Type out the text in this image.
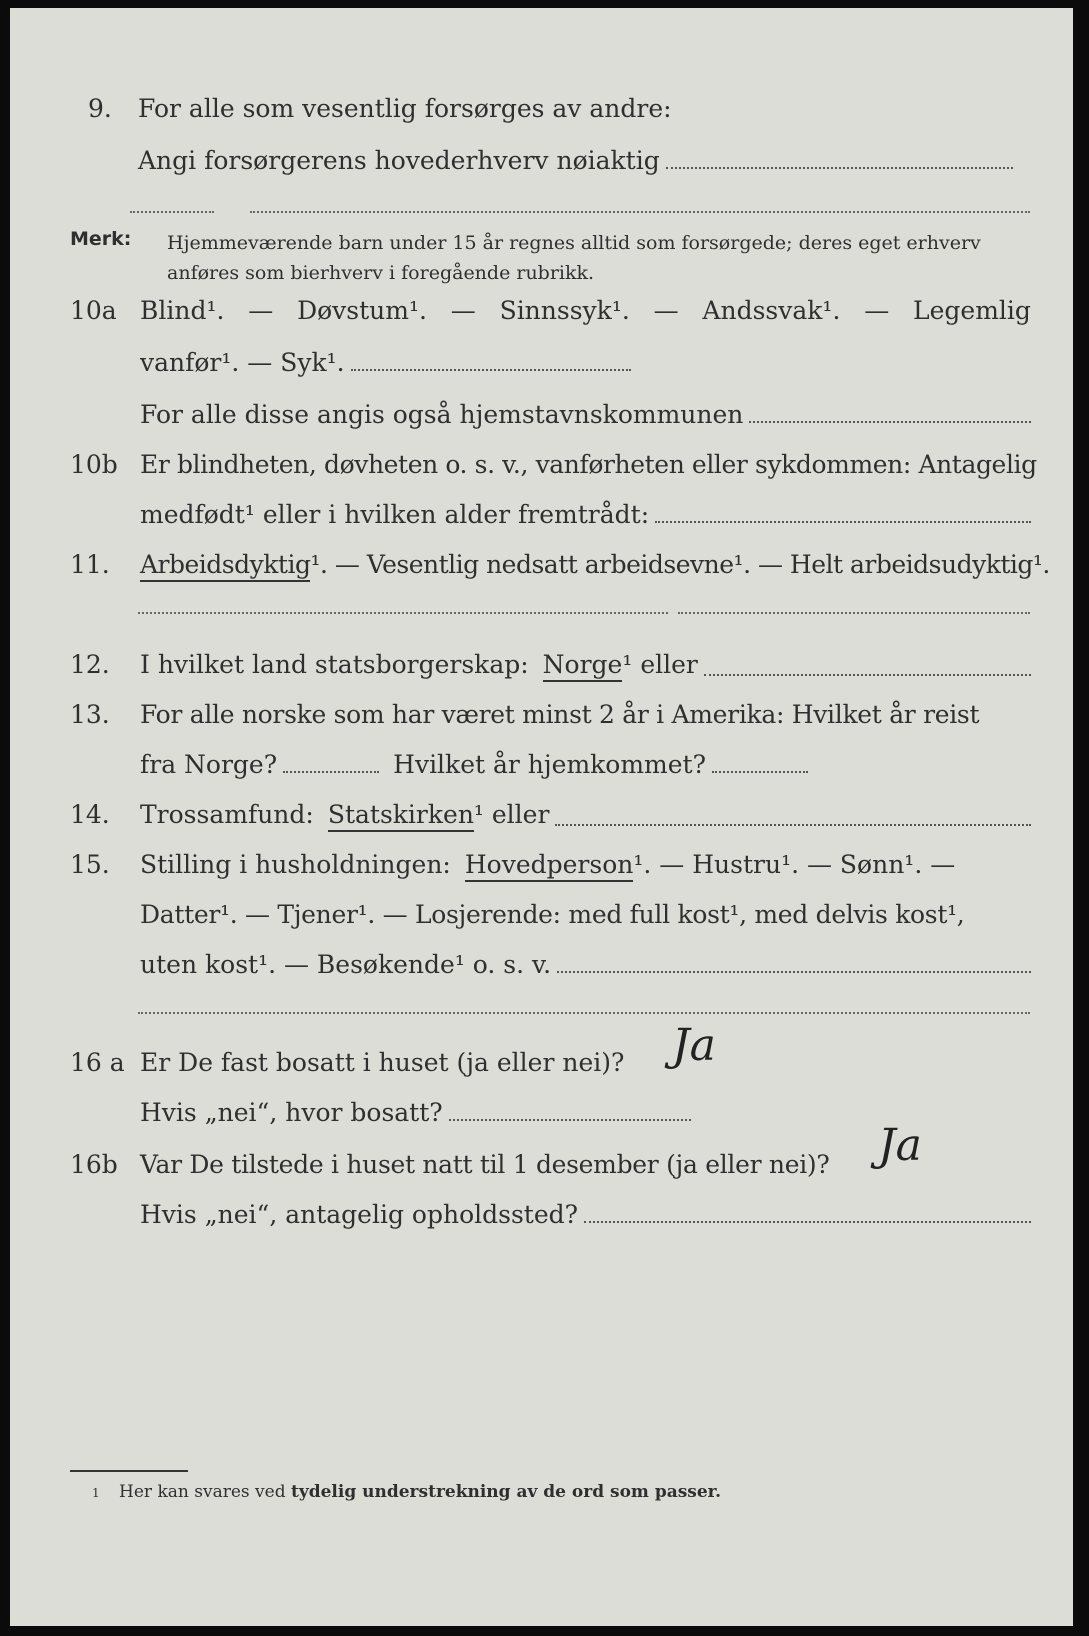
9.	For alle som vesentlig forsørges av andre:
Angi forsørgerens hovederhverv nøiaktig
Merk: Hjemmeværende barn under 15 år regnes alltid som forsørgede; deres eget erhverv
anføres som bierhverv i foregående rubrikk.
10a Blind¹. — Døvstum¹. — Sinnssyk¹. — Andssvak¹. — Legemlig
vanfør¹. — Syk¹.
For alle disse angis også hjemstavnskommunen
10b Er blindheten, døvheten o. s. v., vanførheten eller sykdommen: Antagelig
medfødt¹ eller i hvilken alder fremtrådt:
11.	Arbeidsdyktig ¹. — Vesentlig nedsatt arbeidsevne¹. — Helt arbeidsudyktig¹.
12.	I hvilket land statsborgerskap: Norge ¹ eller
13.	For alle norske som har været minst 2 år i Amerika: Hvilket år reist
fra Norge?	Hvilket år hjemkommet?
14.	Trossamfund: Statskirken ¹ eller
15.	Stilling i husholdningen: Hovedperson ¹. — Hustru¹. — Sønn¹. —
Datter¹. — Tjener¹. — Losjerende: med full kost¹, med delvis kost¹,
uten kost¹. — Besøkende¹ o. s. v.
16 a Er De fast bosatt i huset (ja eller nei)? Ja
Hvis „nei“, hvor bosatt?
16b Var De tilstede i huset natt til 1 desember (ja eller nei)? Ja
Hvis „nei“, antagelig opholdssted?
1 Her kan svares ved tydelig understrekning av de ord som passer.
